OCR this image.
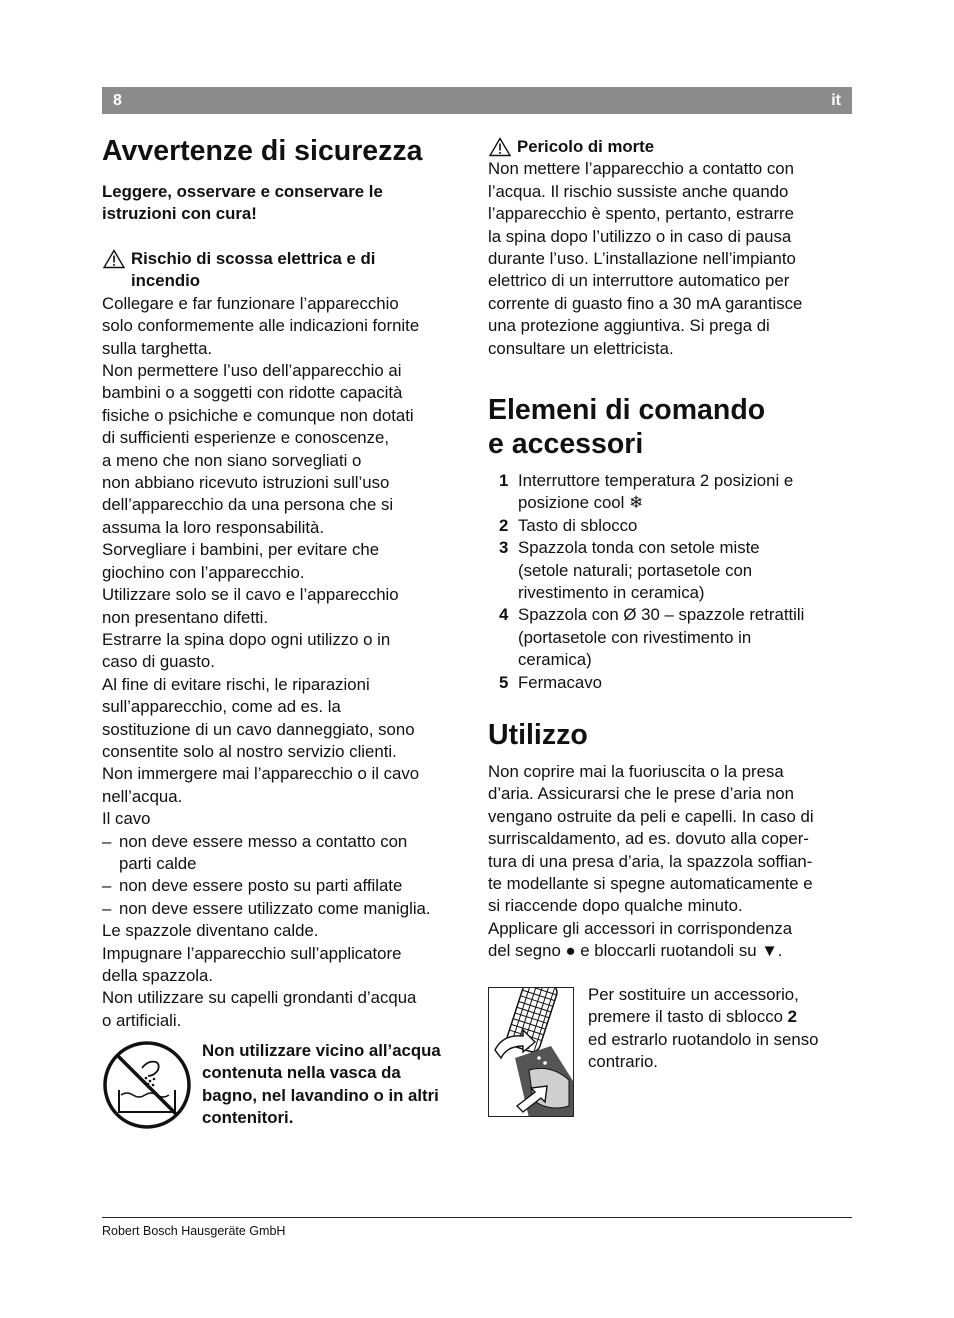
8	it
Avvertenze di sicurezza

Leggere, osservare e conservare le istruzioni con cura!

Rischio di scossa elettrica e di
incendio

Collegare e far funzionare l’apparecchio

solo conformemente alle indicazioni fornite

sulla targhetta.

Non permettere l’uso dell’apparecchio ai

bambini o a soggetti con ridotte capacità

fisiche o psichiche e comunque non dotati

di sufficienti esperienze e conoscenze,

a meno che non siano sorvegliati o

non abbiano ricevuto istruzioni sull’uso

dell’apparecchio da una persona che si

assuma la loro responsabilità.

Sorvegliare i bambini, per evitare che

giochino con l’apparecchio.

Utilizzare solo se il cavo e l’apparecchio

non presentano difetti.

Estrarre la spina dopo ogni utilizzo o in

caso di guasto.

Al fine di evitare rischi, le riparazioni

sull’apparecchio, come ad es. la

sostituzione di un cavo danneggiato, sono

consentite solo al nostro servizio clienti.

Non immergere mai l’apparecchio o il cavo

nell’acqua.

Il cavo

– non deve essere messo a contatto con
parti calde
– non deve essere posto su parti affilate
– non deve essere utilizzato come maniglia.

Le spazzole diventano calde.

Impugnare l’apparecchio sull’applicatore

della spazzola.

Non utilizzare su capelli grondanti d’acqua

o artificiali.

Non utilizzare vicino all’acqua

contenuta nella vasca da

bagno, nel lavandino o in altri

contenitori.

Pericolo di morte

Non mettere l’apparecchio a contatto con

l’acqua. Il rischio sussiste anche quando

l’apparecchio è spento, pertanto, estrarre

la spina dopo l’utilizzo o in caso di pausa

durante l’uso. L’installazione nell’impianto

elettrico di un interruttore automatico per

corrente di guasto fino a 30 mA garantisce

una protezione aggiuntiva. Si prega di

consultare un elettricista.

Elemeni di comando
e accessori
1 Interruttore temperatura 2 posizioni e
posizione cool ❄
2 Tasto di sblocco
3 Spazzola tonda con setole miste
(setole naturali; portasetole con
rivestimento in ceramica)
4 Spazzola con Ø 30 – spazzole retrattili
(portasetole con rivestimento in
ceramica)
5 Fermacavo
Utilizzo

Non coprire mai la fuoriuscita o la presa

d’aria. Assicurarsi che le prese d’aria non

vengano ostruite da peli e capelli. In caso di

surriscaldamento, ad es. dovuto alla coper-

tura di una presa d’aria, la spazzola soffian-

te modellante si spegne automaticamente e

si riaccende dopo qualche minuto.

Applicare gli accessori in corrispondenza

del segno ● e bloccarli ruotandoli su ▼.

Per sostituire un accessorio,

premere il tasto di sblocco 2

ed estrarlo ruotandolo in senso

contrario.

Robert Bosch Hausgeräte GmbH
